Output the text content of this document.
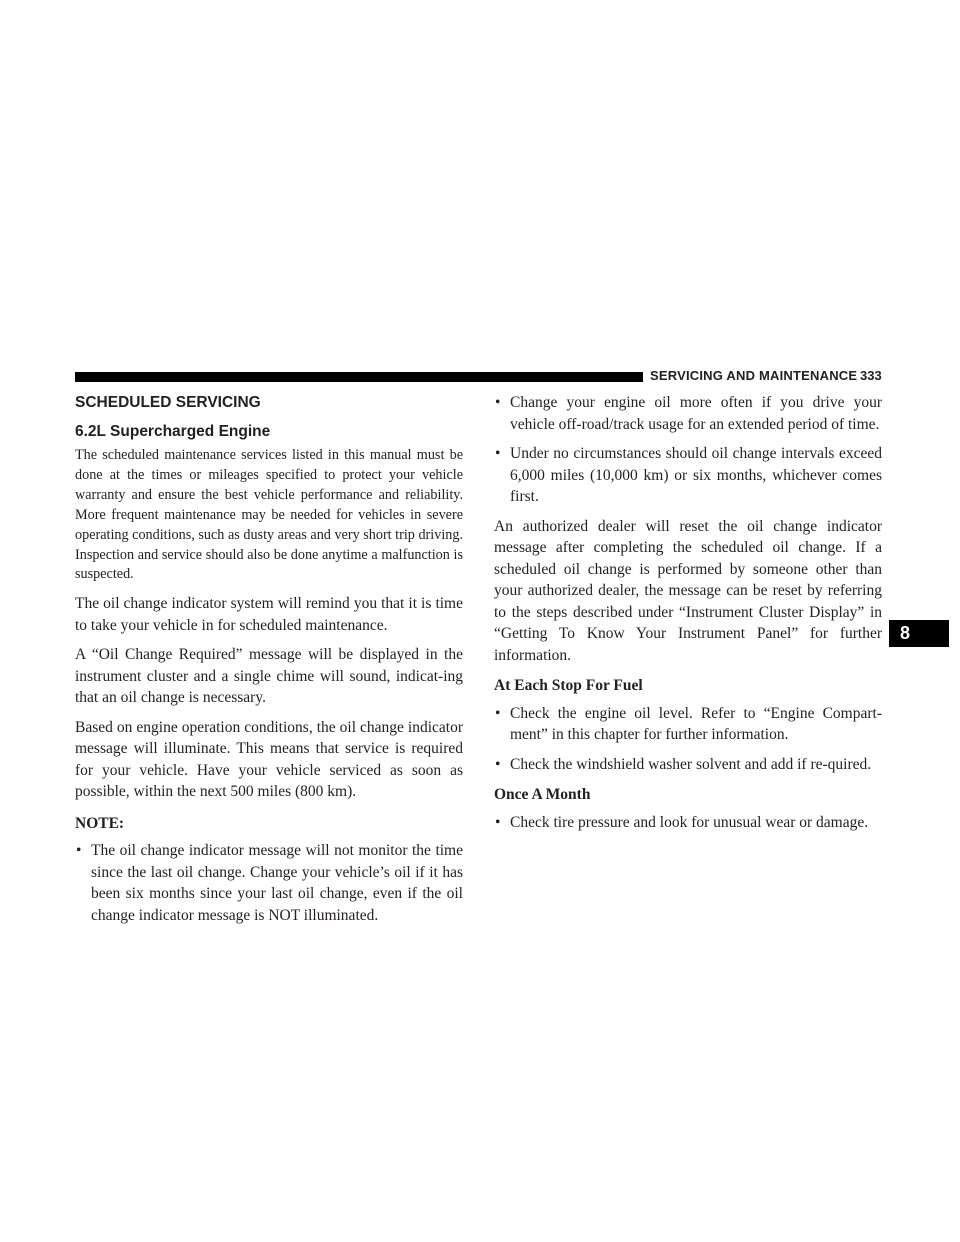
SERVICING AND MAINTENANCE 333
8
SCHEDULED SERVICING
6.2L Supercharged Engine

The scheduled maintenance services listed in this manual must be done at the times or mileages specified to protect your vehicle warranty and ensure the best vehicle performance and reliability. More frequent maintenance may be needed for vehicles in severe operating conditions, such as dusty areas and very short trip driving. Inspection and service should also be done anytime a malfunction is suspected.

The oil change indicator system will remind you that it is time to take your vehicle in for scheduled maintenance.

A “Oil Change Required” message will be displayed in the instrument cluster and a single chime will sound, indicat-ing that an oil change is necessary.

Based on engine operation conditions, the oil change indicator message will illuminate. This means that service is required for your vehicle. Have your vehicle serviced as soon as possible, within the next 500 miles (800 km).

NOTE:
• The oil change indicator message will not monitor the time since the last oil change. Change your vehicle’s oil if it has been six months since your last oil change, even if the oil change indicator message is NOT illuminated.
• Change your engine oil more often if you drive your vehicle off-road/track usage for an extended period of time.
• Under no circumstances should oil change intervals exceed 6,000 miles (10,000 km) or six months, whichever comes first.

An authorized dealer will reset the oil change indicator message after completing the scheduled oil change. If a scheduled oil change is performed by someone other than your authorized dealer, the message can be reset by referring to the steps described under “Instrument Cluster Display” in “Getting To Know Your Instrument Panel” for further information.

At Each Stop For Fuel
• Check the engine oil level. Refer to “Engine Compart-ment” in this chapter for further information.
• Check the windshield washer solvent and add if re-quired.
Once A Month
• Check tire pressure and look for unusual wear or damage.
